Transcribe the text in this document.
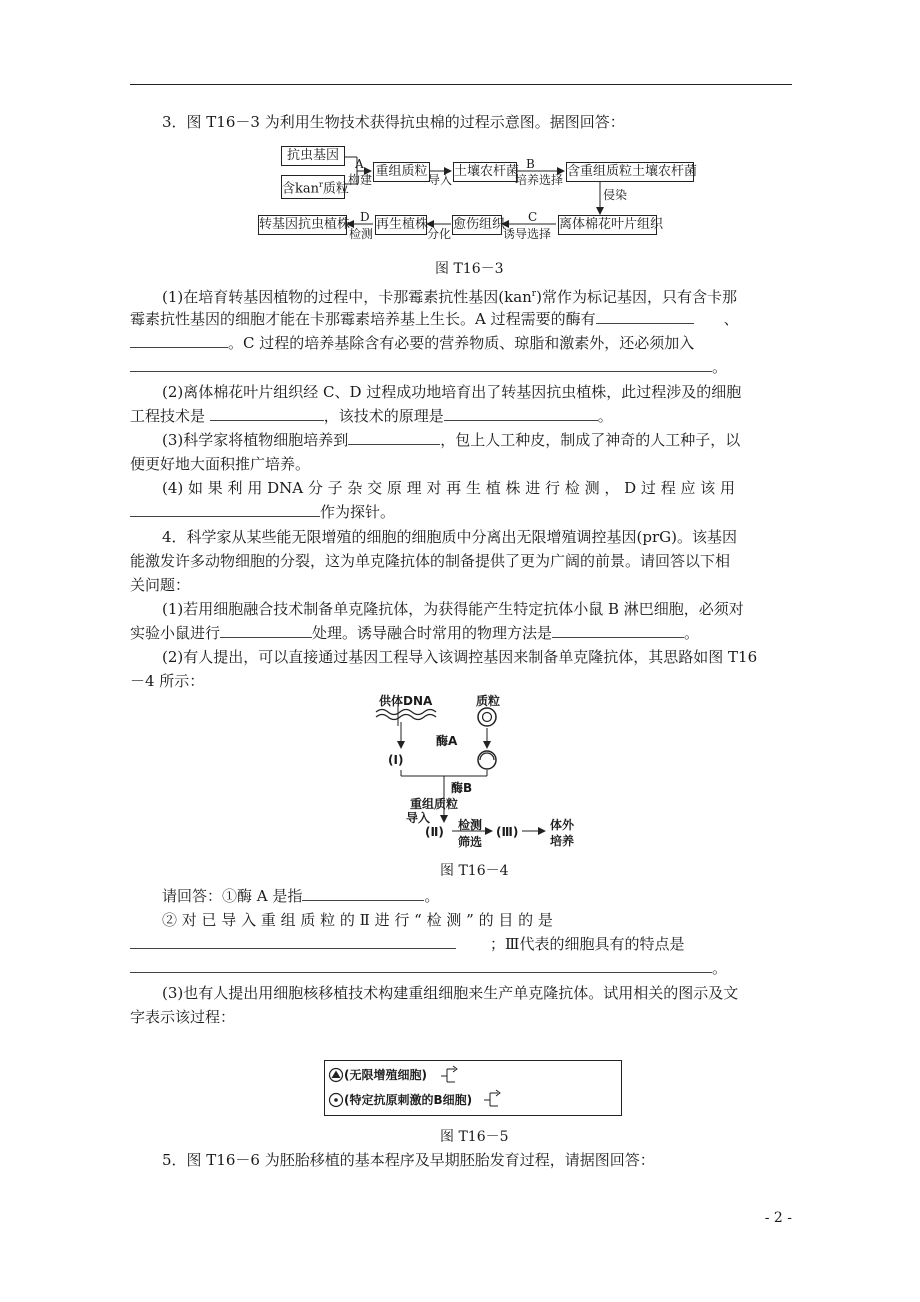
3．图 T16－3 为利用生物技术获得抗虫棉的过程示意图。据图回答：
抗虫基因
含kan$^r$质粒
重组质粒 土壤农杆菌	含重组质粒土壤农杆菌
离体棉花叶片组织
愈伤组织
再生植株
转基因抗虫植株
A
构建	导入
B
培养选择
侵染
C
诱导选择
分化
D
检测
图 T16－3
(1)在培育转基因植物的过程中，卡那霉素抗性基因(kan$^r$)常作为标记基因，只有含卡那
霉素抗性基因的细胞才能在卡那霉素培养基上生长。A 过程需要的酶有	、
。C 过程的培养基除含有必要的营养物质、琼脂和激素外，还必须加入
。
(2)离体棉花叶片组织经 C、D 过程成功地培育出了转基因抗虫植株，此过程涉及的细胞
工程技术是	，该技术的原理是	。
(3)科学家将植物细胞培养到	，包上人工种皮，制成了神奇的人工种子，以
便更好地大面积推广培养。
(4) 如 果 利 用 DNA 分 子 杂 交 原 理 对 再 生 植 株 进 行 检 测 ， D 过 程 应 该 用
作为探针。
4．科学家从某些能无限增殖的细胞的细胞质中分离出无限增殖调控基因(prG)。该基因
能激发许多动物细胞的分裂，这为单克隆抗体的制备提供了更为广阔的前景。请回答以下相
关问题：
(1)若用细胞融合技术制备单克隆抗体，为获得能产生特定抗体小鼠 B 淋巴细胞，必须对
实验小鼠进行	处理。诱导融合时常用的物理方法是	。
(2)有人提出，可以直接通过基因工程导入该调控基因来制备单克隆抗体，其思路如图 T16
－4 所示：
供体DNA	质粒
酶A
(Ⅰ)
酶B
重组质粒
导入
(Ⅱ) 检测
筛选
(Ⅲ)	体外
培养
图 T16－4
请回答：①酶 A 是指	。
② 对 已 导 入 重 组 质 粒 的 Ⅱ 进 行 “ 检 测 ” 的 目 的 是
；Ⅲ代表的细胞具有的特点是
。
(3)也有人提出用细胞核移植技术构建重组细胞来生产单克隆抗体。试用相关的图示及文
字表示该过程：
(无限增殖细胞)
(特定抗原刺激的B细胞)
图 T16－5
5．图 T16－6 为胚胎移植的基本程序及早期胚胎发育过程，请据图回答：
- 2 -
